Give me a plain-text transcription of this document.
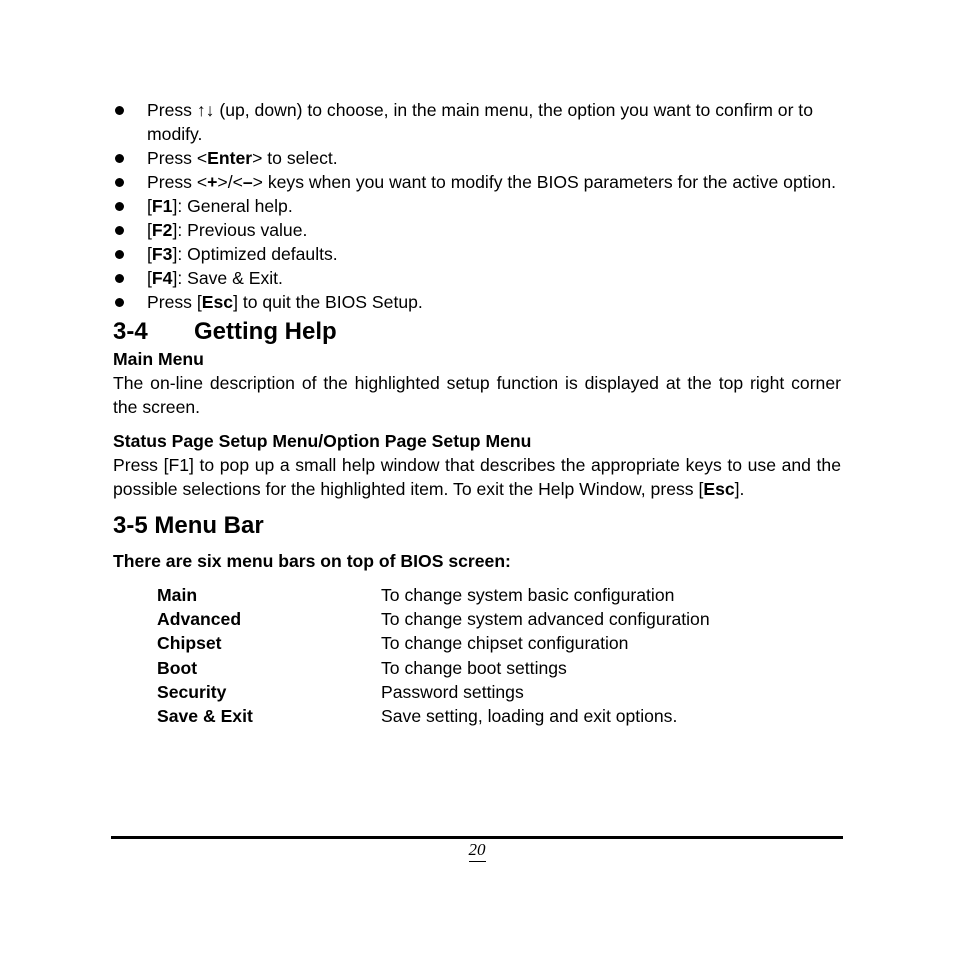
Press ↑↓ (up, down) to choose, in the main menu, the option you want to confirm or to modify.
Press <Enter> to select.
Press <+>/<–> keys when you want to modify the BIOS parameters for the active option.
[F1]: General help.
[F2]: Previous value.
[F3]: Optimized defaults.
[F4]: Save & Exit.
Press [Esc] to quit the BIOS Setup.
3-4 Getting Help
Main Menu

The on-line description of the highlighted setup function is displayed at the top right corner the screen.

Status Page Setup Menu/Option Page Setup Menu

Press [F1] to pop up a small help window that describes the appropriate keys to use and the possible selections for the highlighted item. To exit the Help Window, press [Esc].

3-5 Menu Bar
There are six menu bars on top of BIOS screen:
Main	To change system basic configuration
Advanced	To change system advanced configuration
Chipset	To change chipset configuration
Boot	To change boot settings
Security	Password settings
Save & Exit	Save setting, loading and exit options.
20
